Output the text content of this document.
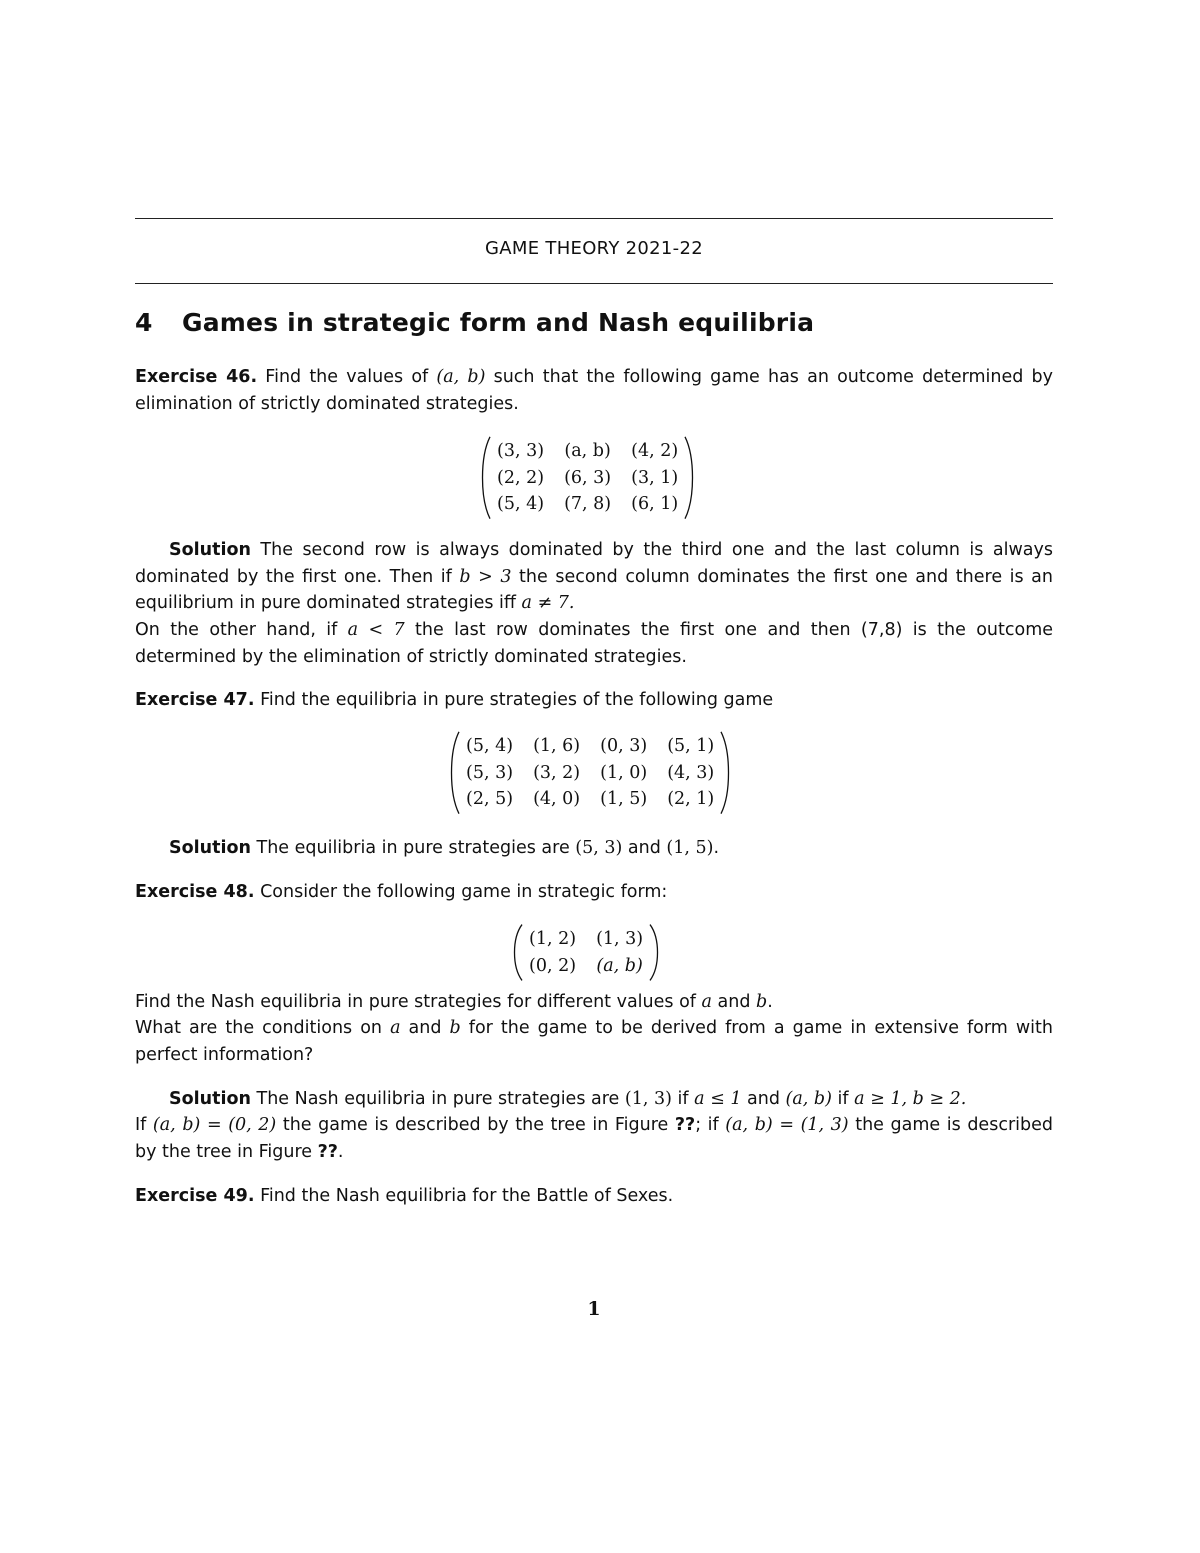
GAME THEORY 2021-22
4 Games in strategic form and Nash equilibria
Exercise 46. Find the values of (a, b) such that the following game has an outcome determined by elimination of strictly dominated strategies.
(3, 3) (a, b) (4, 2)
(2, 2) (6, 3) (3, 1)
(5, 4) (7, 8) (6, 1)
Solution The second row is always dominated by the third one and the last column is always dominated by the first one. Then if b > 3 the second column dominates the first one and there is an equilibrium in pure dominated strategies iff a ≠ 7.
On the other hand, if a < 7 the last row dominates the first one and then (7,8) is the outcome determined by the elimination of strictly dominated strategies.
Exercise 47. Find the equilibria in pure strategies of the following game
(5, 4) (1, 6) (0, 3) (5, 1)
(5, 3) (3, 2) (1, 0) (4, 3)
(2, 5) (4, 0) (1, 5) (2, 1)
Solution The equilibria in pure strategies are (5, 3) and (1, 5).
Exercise 48. Consider the following game in strategic form:
(1, 2) (1, 3)
(0, 2) (a, b)
Find the Nash equilibria in pure strategies for different values of a and b.
What are the conditions on a and b for the game to be derived from a game in extensive form with perfect information?
Solution The Nash equilibria in pure strategies are (1, 3) if a ≤ 1 and (a, b) if a ≥ 1, b ≥ 2.
If (a, b) = (0, 2) the game is described by the tree in Figure ??; if (a, b) = (1, 3) the game is described by the tree in Figure ??.
Exercise 49. Find the Nash equilibria for the Battle of Sexes.
1
